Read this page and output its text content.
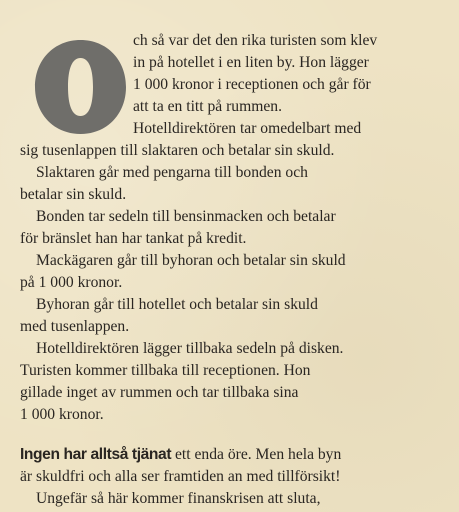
ch så var det den rika turisten som klev

in på hotellet i en liten by. Hon lägger

1 000 kronor i receptionen och går för

att ta en titt på rummen.

Hotelldirektören tar omedelbart med

sig tusenlappen till slaktaren och betalar sin skuld.

Slaktaren går med pengarna till bonden och

betalar sin skuld.

Bonden tar sedeln till bensinmacken och betalar

för bränslet han har tankat på kredit.

Mackägaren går till byhoran och betalar sin skuld

på 1 000 kronor.

Byhoran går till hotellet och betalar sin skuld

med tusenlappen.

Hotelldirektören lägger tillbaka sedeln på disken.

Turisten kommer tillbaka till receptionen. Hon

gillade inget av rummen och tar tillbaka sina

1 000 kronor.

Ingen har alltså tjänat ett enda öre. Men hela byn

är skuldfri och alla ser framtiden an med tillförsikt!

Ungefär så här kommer finanskrisen att sluta,
